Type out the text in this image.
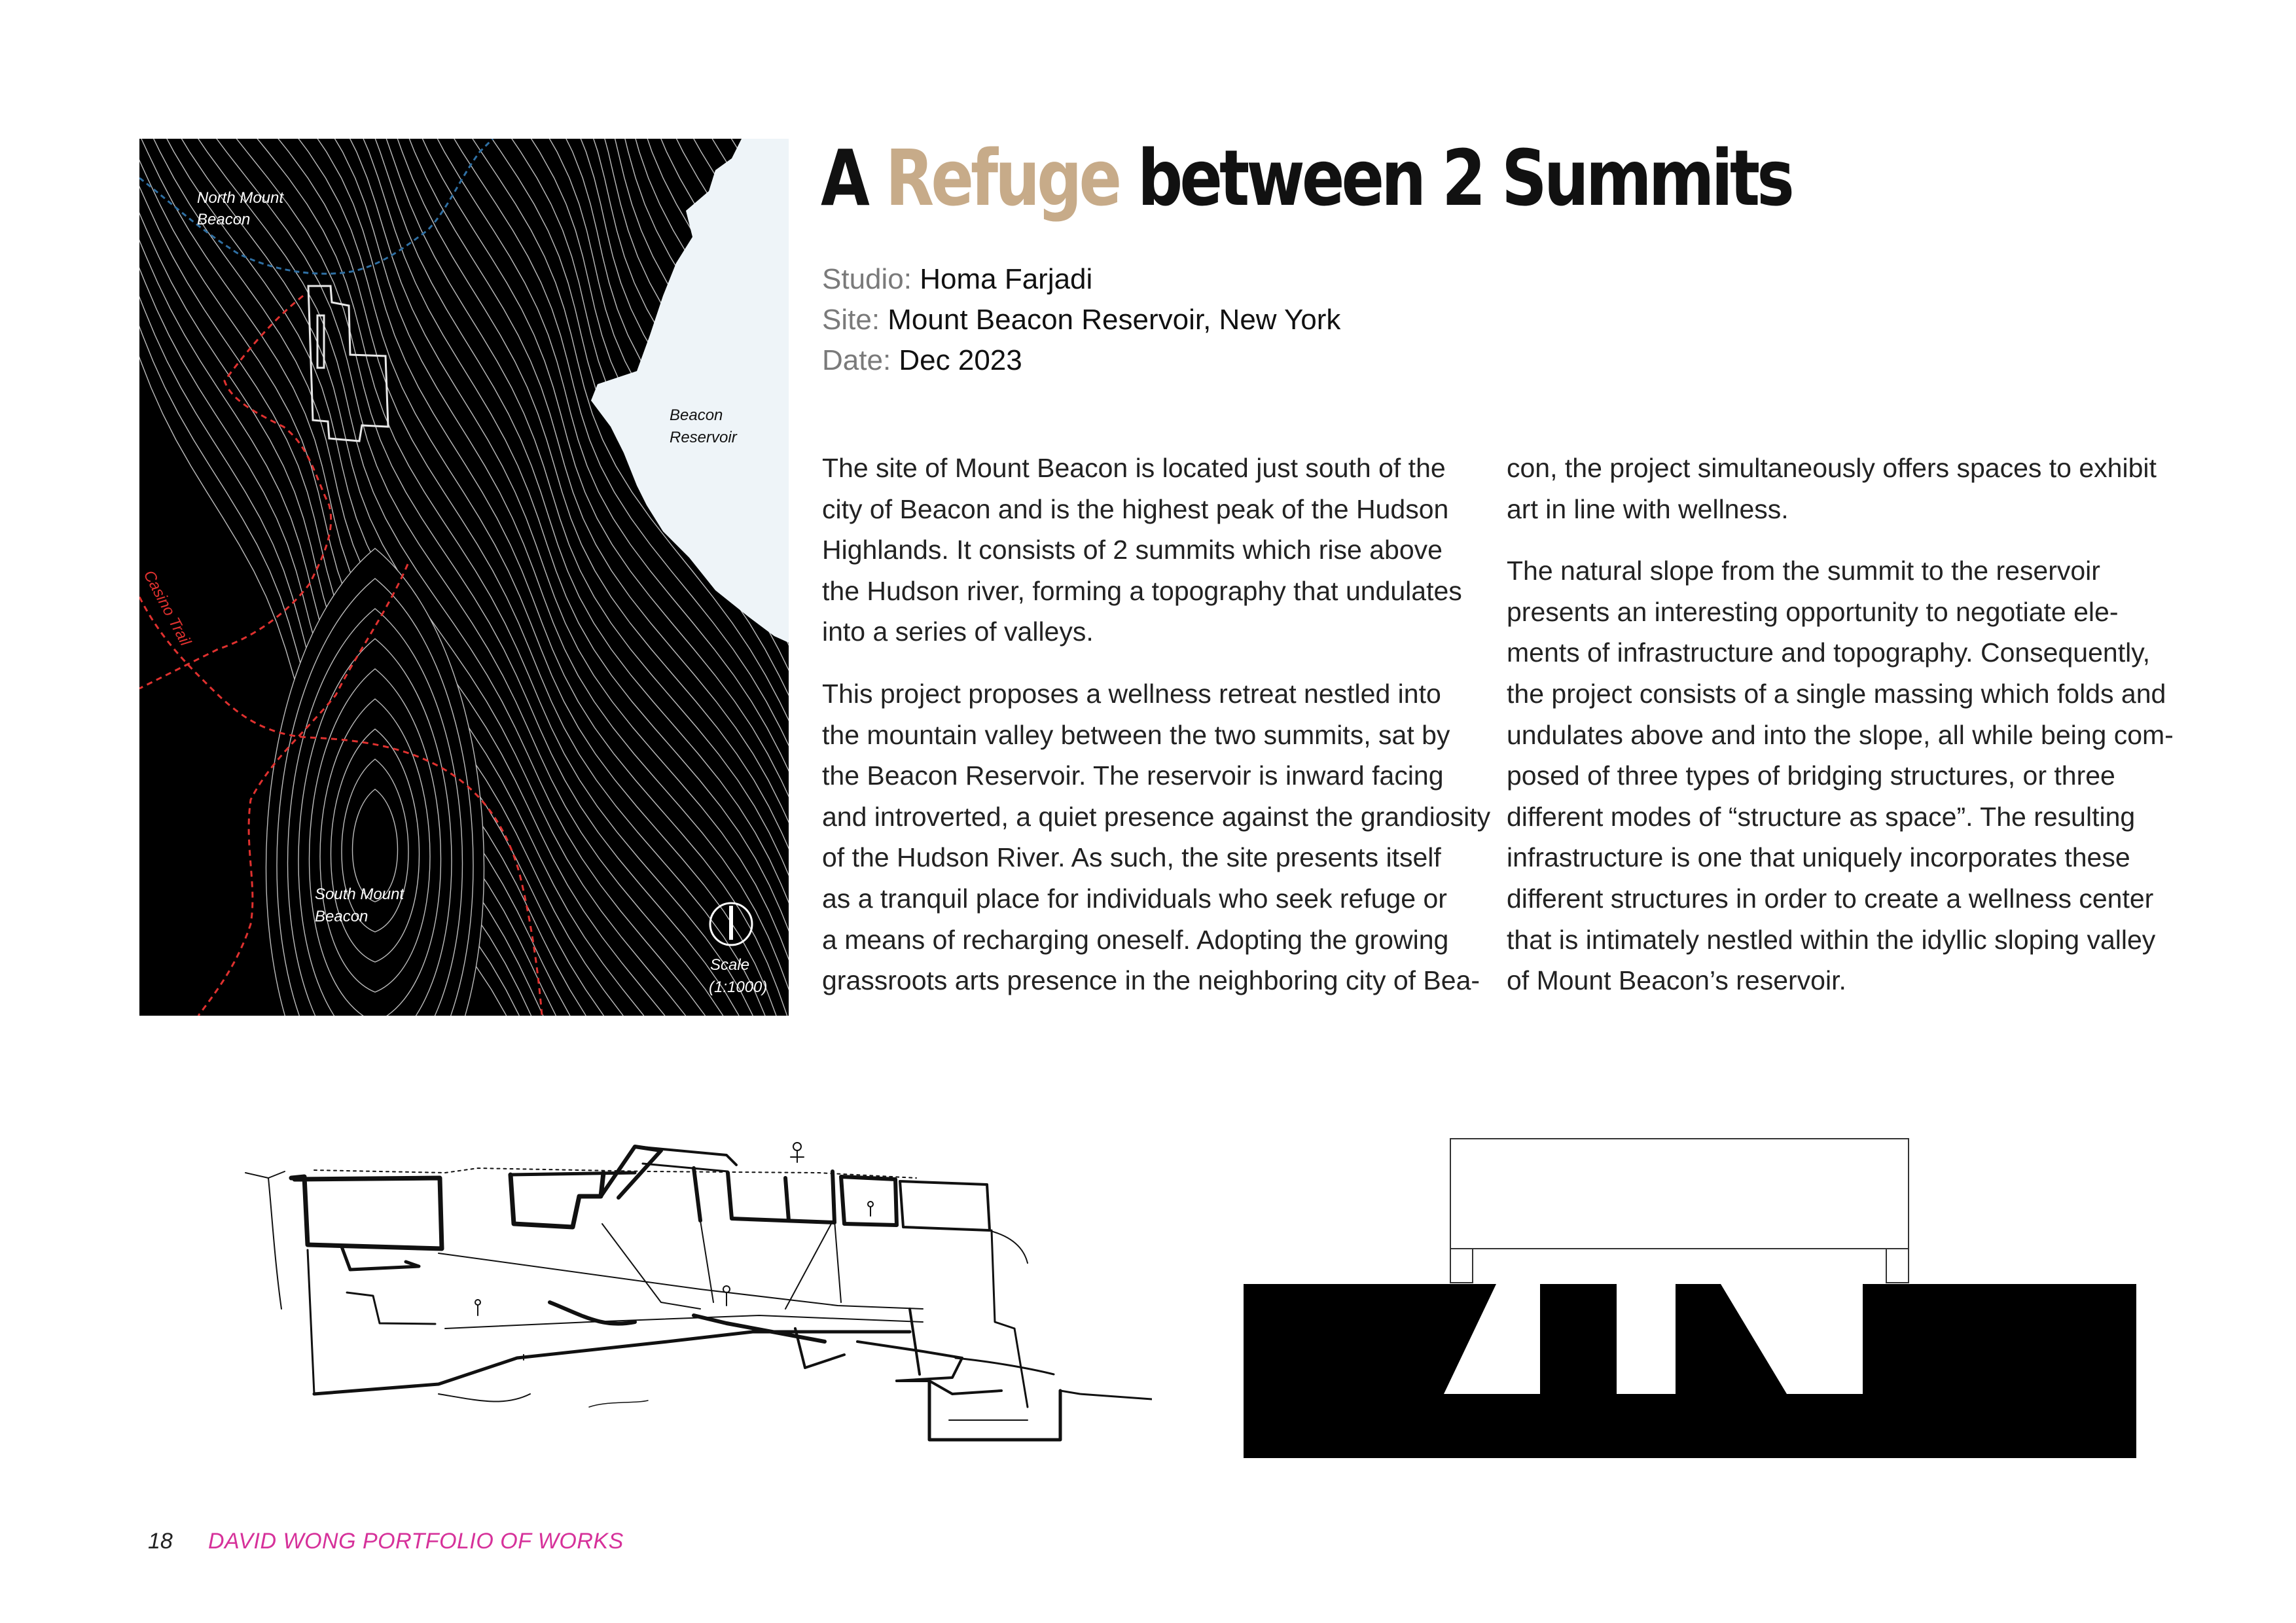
North Mount
Beacon
Beacon
Reservoir
South Mount
Beacon
Casino Trail
Scale
(1:1000)
A Refuge between 2 Summits
Studio: Homa Farjadi
Site: Mount Beacon Reservoir, New York
Date: Dec 2023

The site of Mount Beacon is located just south of the
city of Beacon and is the highest peak of the Hudson
Highlands. It consists of 2 summits which rise above
the Hudson river, forming a topography that undulates
into a series of valleys.

This project proposes a wellness retreat nestled into
the mountain valley between the two summits, sat by
the Beacon Reservoir. The reservoir is inward facing
and introverted, a quiet presence against the grandiosity
of the Hudson River. As such, the site presents itself
as a tranquil place for individuals who seek refuge or
a means of recharging oneself. Adopting the growing
grassroots arts presence in the neighboring city of Bea-

con, the project simultaneously offers spaces to exhibit
art in line with wellness.

The natural slope from the summit to the reservoir
presents an interesting opportunity to negotiate ele-
ments of infrastructure and topography. Consequently,
the project consists of a single massing which folds and
undulates above and into the slope, all while being com-
posed of three types of bridging structures, or three
different modes of “structure as space”. The resulting
infrastructure is one that uniquely incorporates these
different structures in order to create a wellness center
that is intimately nestled within the idyllic sloping valley
of Mount Beacon’s reservoir.

18 DAVID WONG PORTFOLIO OF WORKS
